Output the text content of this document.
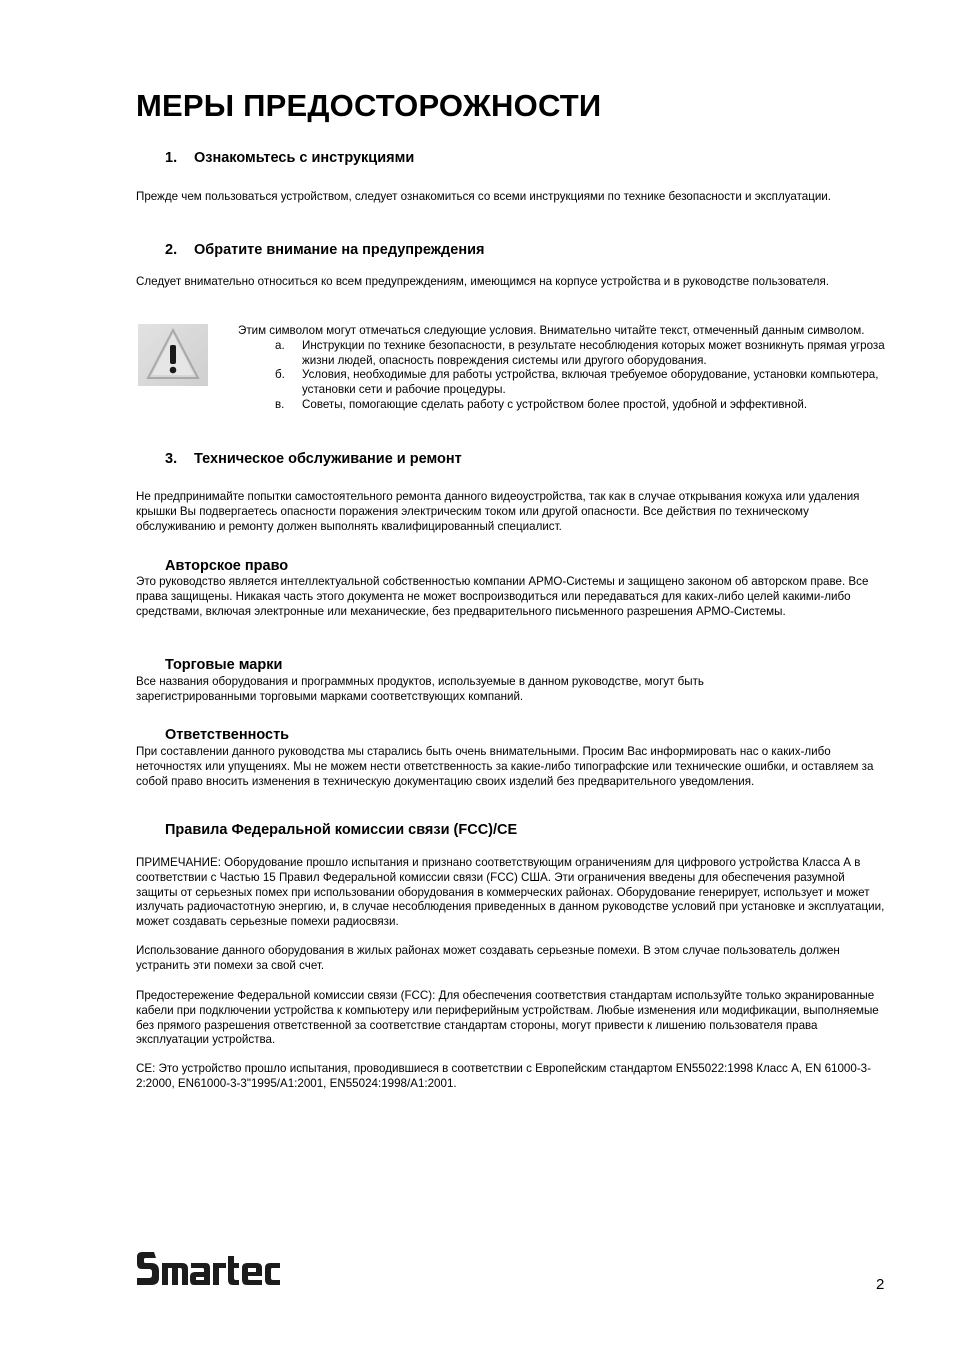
МЕРЫ ПРЕДОСТОРОЖНОСТИ
1. Ознакомьтесь с инструкциями
Прежде чем пользоваться устройством, следует ознакомиться со всеми инструкциями по технике безопасности и эксплуатации.
2. Обратите внимание на предупреждения
Следует внимательно относиться ко всем предупреждениям, имеющимся на корпусе устройства и в руководстве пользователя.
Этим символом могут отмечаться следующие условия. Внимательно читайте текст, отмеченный данным символом.
а.	Инструкции по технике безопасности, в результате несоблюдения которых может возникнуть прямая угроза жизни людей, опасность повреждения системы или другого оборудования.
б.	Условия, необходимые для работы устройства, включая требуемое оборудование, установки компьютера, установки сети и рабочие процедуры.
в.	Советы, помогающие сделать работу с устройством более простой, удобной и эффективной.
3. Техническое обслуживание и ремонт
Не предпринимайте попытки самостоятельного ремонта данного видеоустройства, так как в случае открывания кожуха или удаления крышки Вы подвергаетесь опасности поражения электрическим током или другой опасности. Все действия по техническому обслуживанию и ремонту должен выполнять квалифицированный специалист.
Авторское право
Это руководство является интеллектуальной собственностью компании АРМО-Системы и защищено законом об авторском праве. Все права защищены. Никакая часть этого документа не может воспроизводиться или передаваться для каких-либо целей какими-либо средствами, включая электронные или механические, без предварительного письменного разрешения АРМО-Системы.
Торговые марки
Все названия оборудования и программных продуктов, используемые в данном руководстве, могут быть зарегистрированными торговыми марками соответствующих компаний.
Ответственность
При составлении данного руководства мы старались быть очень внимательными. Просим Вас информировать нас о каких-либо неточностях или упущениях. Мы не можем нести ответственность за какие-либо типографские или технические ошибки, и оставляем за собой право вносить изменения в техническую документацию своих изделий без предварительного уведомления.
Правила Федеральной комиссии связи (FCC)/CE
ПРИМЕЧАНИЕ: Оборудование прошло испытания и признано соответствующим ограничениям для цифрового устройства Класса А в соответствии с Частью 15 Правил Федеральной комиссии связи (FCC) США. Эти ограничения введены для обеспечения разумной защиты от серьезных помех при использовании оборудования в коммерческих районах. Оборудование генерирует, использует и может излучать радиочастотную энергию, и, в случае несоблюдения приведенных в данном руководстве условий при установке и эксплуатации, может создавать серьезные помехи радиосвязи.
Использование данного оборудования в жилых районах может создавать серьезные помехи. В этом случае пользователь должен устранить эти помехи за свой счет.
Предостережение Федеральной комиссии связи (FCC): Для обеспечения соответствия стандартам используйте только экранированные кабели при подключении устройства к компьютеру или периферийным устройствам. Любые изменения или модификации, выполняемые без прямого разрешения ответственной за соответствие стандартам стороны, могут привести к лишению пользователя права эксплуатации устройства.
CE: Это устройство прошло испытания, проводившиеся в соответствии с Европейским стандартом EN55022:1998 Класс A, EN 61000-3-2:2000, EN61000-3-3"1995/A1:2001, EN55024:1998/A1:2001.
2
